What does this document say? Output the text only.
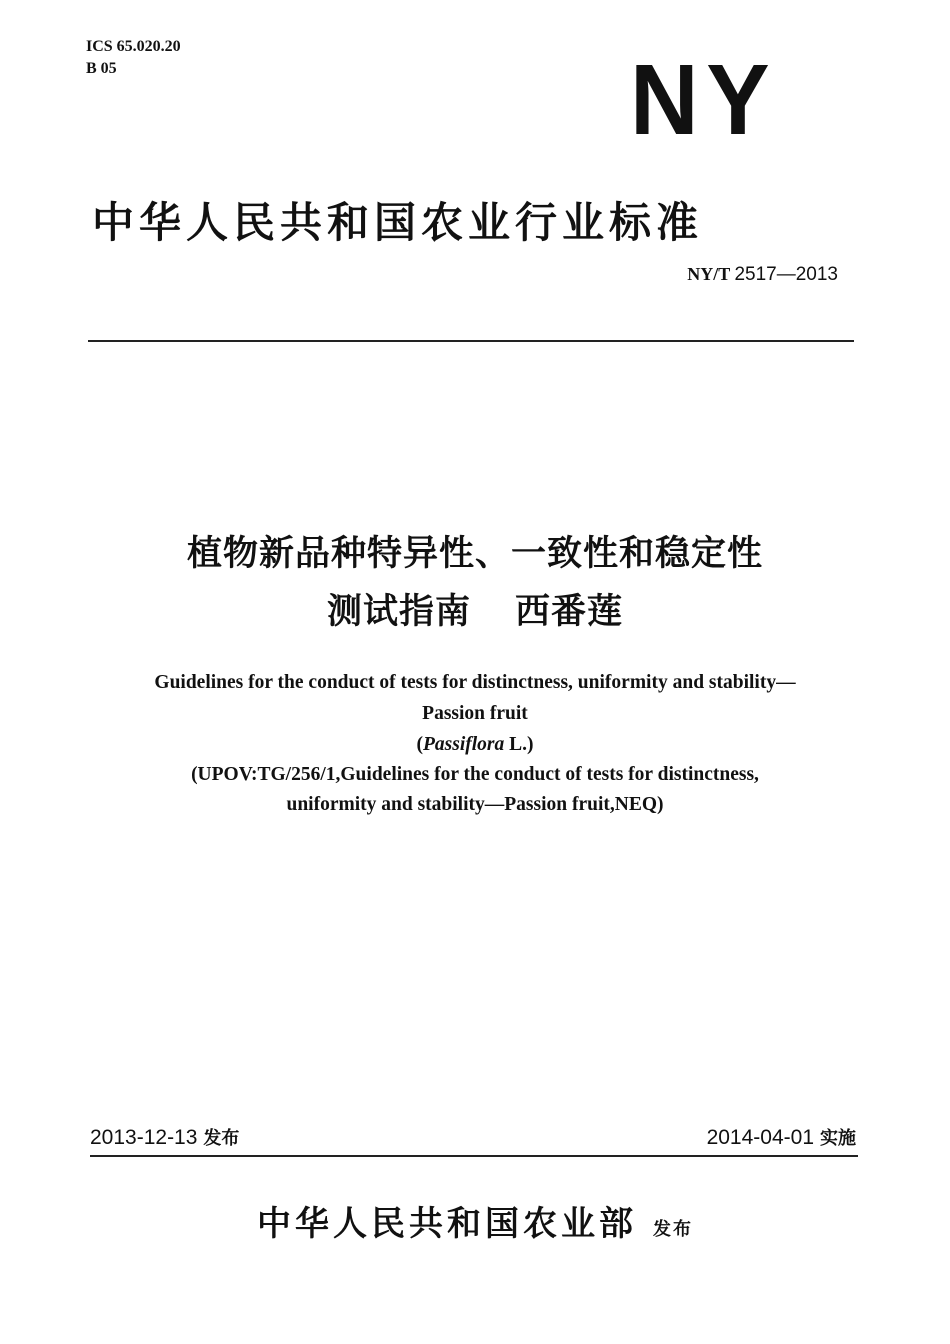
ICS 65.020.20
B 05	NY
中华人民共和国农业行业标准
NY/T 2517—2013
植物新品种特异性、一致性和稳定性
测试指南 西番莲
Guidelines for the conduct of tests for distinctness, uniformity and stability—
Passion fruit
(Passiflora L.)
(UPOV:TG/256/1,Guidelines for the conduct of tests for distinctness,
uniformity and stability—Passion fruit,NEQ)
2013-12-13 发布	2014-04-01 实施
中华人民共和国农业部 发布
